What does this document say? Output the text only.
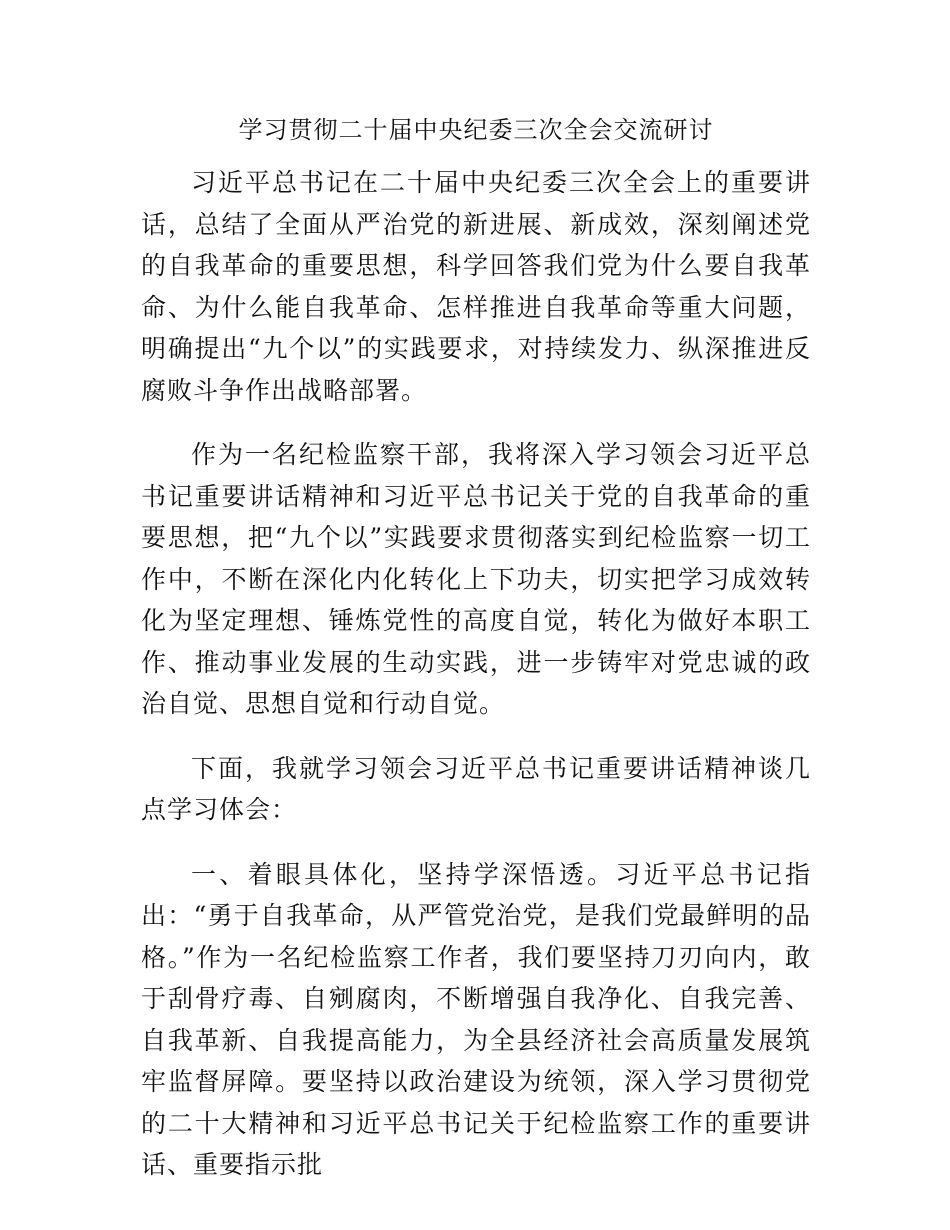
学习贯彻二十届中央纪委三次全会交流研讨

习近平总书记在二十届中央纪委三次全会上的重要讲话，总结了全面从严治党的新进展、新成效，深刻阐述党的自我革命的重要思想，科学回答我们党为什么要自我革命、为什么能自我革命、怎样推进自我革命等重大问题，明确提出“九个以”的实践要求，对持续发力、纵深推进反腐败斗争作出战略部署。

作为一名纪检监察干部，我将深入学习领会习近平总书记重要讲话精神和习近平总书记关于党的自我革命的重要思想，把“九个以”实践要求贯彻落实到纪检监察一切工作中，不断在深化内化转化上下功夫，切实把学习成效转化为坚定理想、锤炼党性的高度自觉，转化为做好本职工作、推动事业发展的生动实践，进一步铸牢对党忠诚的政治自觉、思想自觉和行动自觉。

下面，我就学习领会习近平总书记重要讲话精神谈几点学习体会：

一、着眼具体化，坚持学深悟透。习近平总书记指出：“勇于自我革命，从严管党治党，是我们党最鲜明的品格。”作为一名纪检监察工作者，我们要坚持刀刃向内，敢于刮骨疗毒、自剜腐肉，不断增强自我净化、自我完善、自我革新、自我提高能力，为全县经济社会高质量发展筑牢监督屏障。要坚持以政治建设为统领，深入学习贯彻党的二十大精神和习近平总书记关于纪检监察工作的重要讲话、重要指示批
